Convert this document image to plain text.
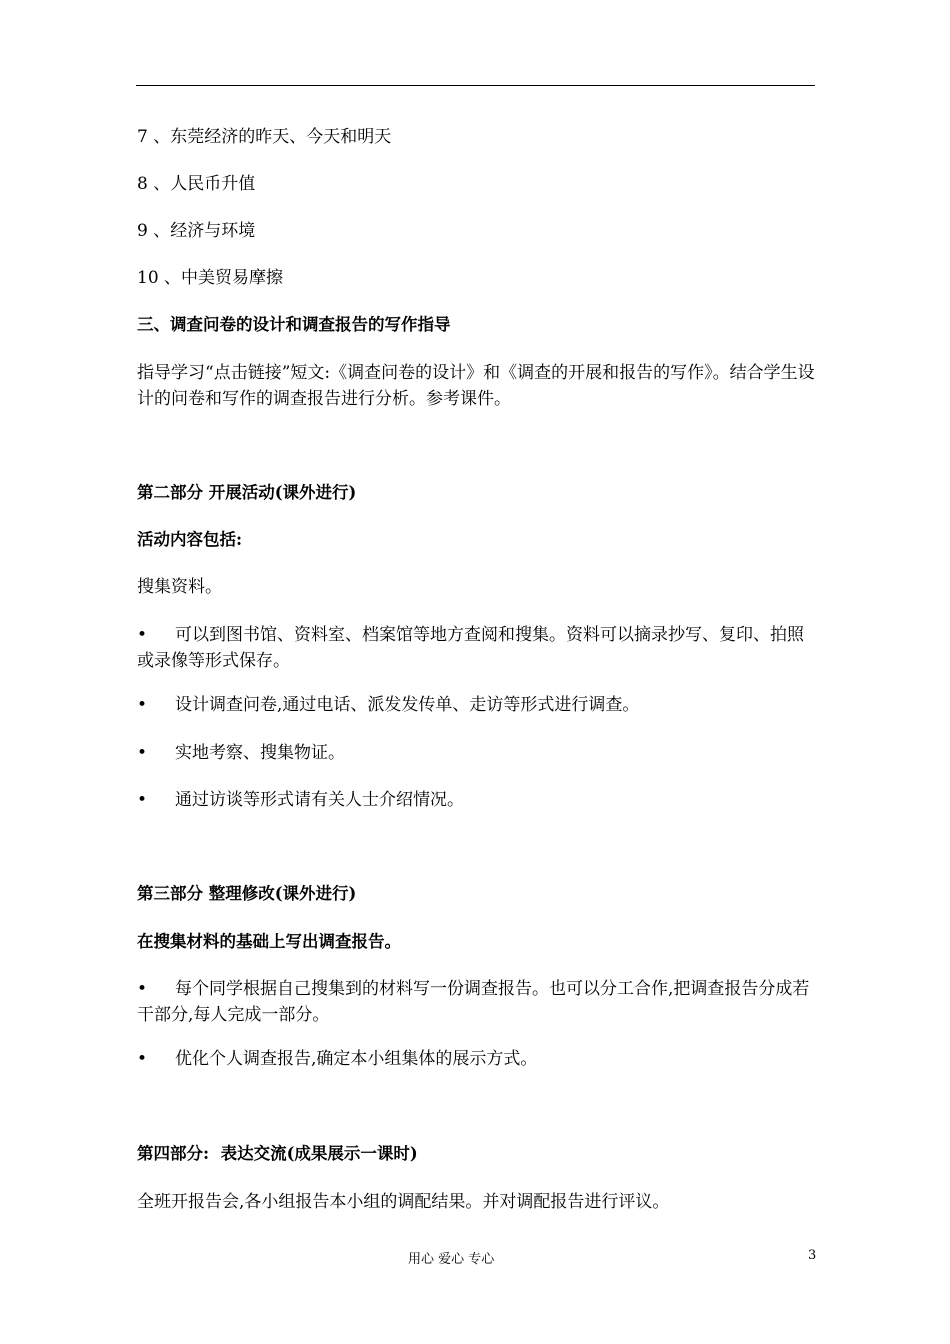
7 、东莞经济的昨天、今天和明天

8 、人民币升值

9 、经济与环境

10 、中美贸易摩擦

三、调查问卷的设计和调查报告的写作指导

指导学习“点击链接”短文:《调查问卷的设计》和《调查的开展和报告的写作》。结合学生设计的问卷和写作的调查报告进行分析。参考课件。

第二部分 开展活动(课外进行)

活动内容包括:

搜集资料。

•	可以到图书馆、资料室、档案馆等地方查阅和搜集。资料可以摘录抄写、复印、拍照或录像等形式保存。
•	设计调查问卷,通过电话、派发发传单、走访等形式进行调查。
•	实地考察、搜集物证。
•	通过访谈等形式请有关人士介绍情况。

第三部分 整理修改(课外进行)

在搜集材料的基础上写出调查报告。

•	每个同学根据自己搜集到的材料写一份调查报告。也可以分工合作,把调查报告分成若干部分,每人完成一部分。
•	优化个人调查报告,确定本小组集体的展示方式。

第四部分:  表达交流(成果展示一课时)

全班开报告会,各小组报告本小组的调配结果。并对调配报告进行评议。

用心 爱心 专心	3
